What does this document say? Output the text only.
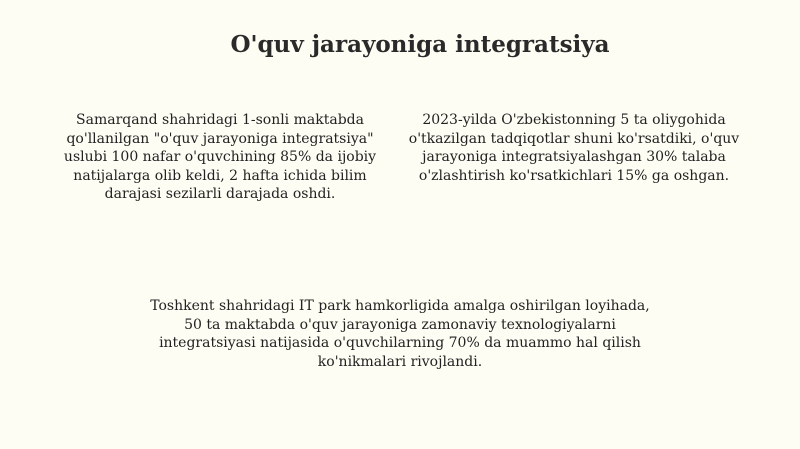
O'quv jarayoniga integratsiya

Samarqand shahridagi 1-sonli maktabda
qo'llanilgan "o'quv jarayoniga integratsiya"
uslubi 100 nafar o'quvchining 85% da ijobiy
natijalarga olib keldi, 2 hafta ichida bilim
darajasi sezilarli darajada oshdi.

2023-yilda O'zbekistonning 5 ta oliygohida
o'tkazilgan tadqiqotlar shuni ko'rsatdiki, o'quv
jarayoniga integratsiyalashgan 30% talaba
o'zlashtirish ko'rsatkichlari 15% ga oshgan.

Toshkent shahridagi IT park hamkorligida amalga oshirilgan loyihada,
50 ta maktabda o'quv jarayoniga zamonaviy texnologiyalarni
integratsiyasi natijasida o'quvchilarning 70% da muammo hal qilish
ko'nikmalari rivojlandi.
